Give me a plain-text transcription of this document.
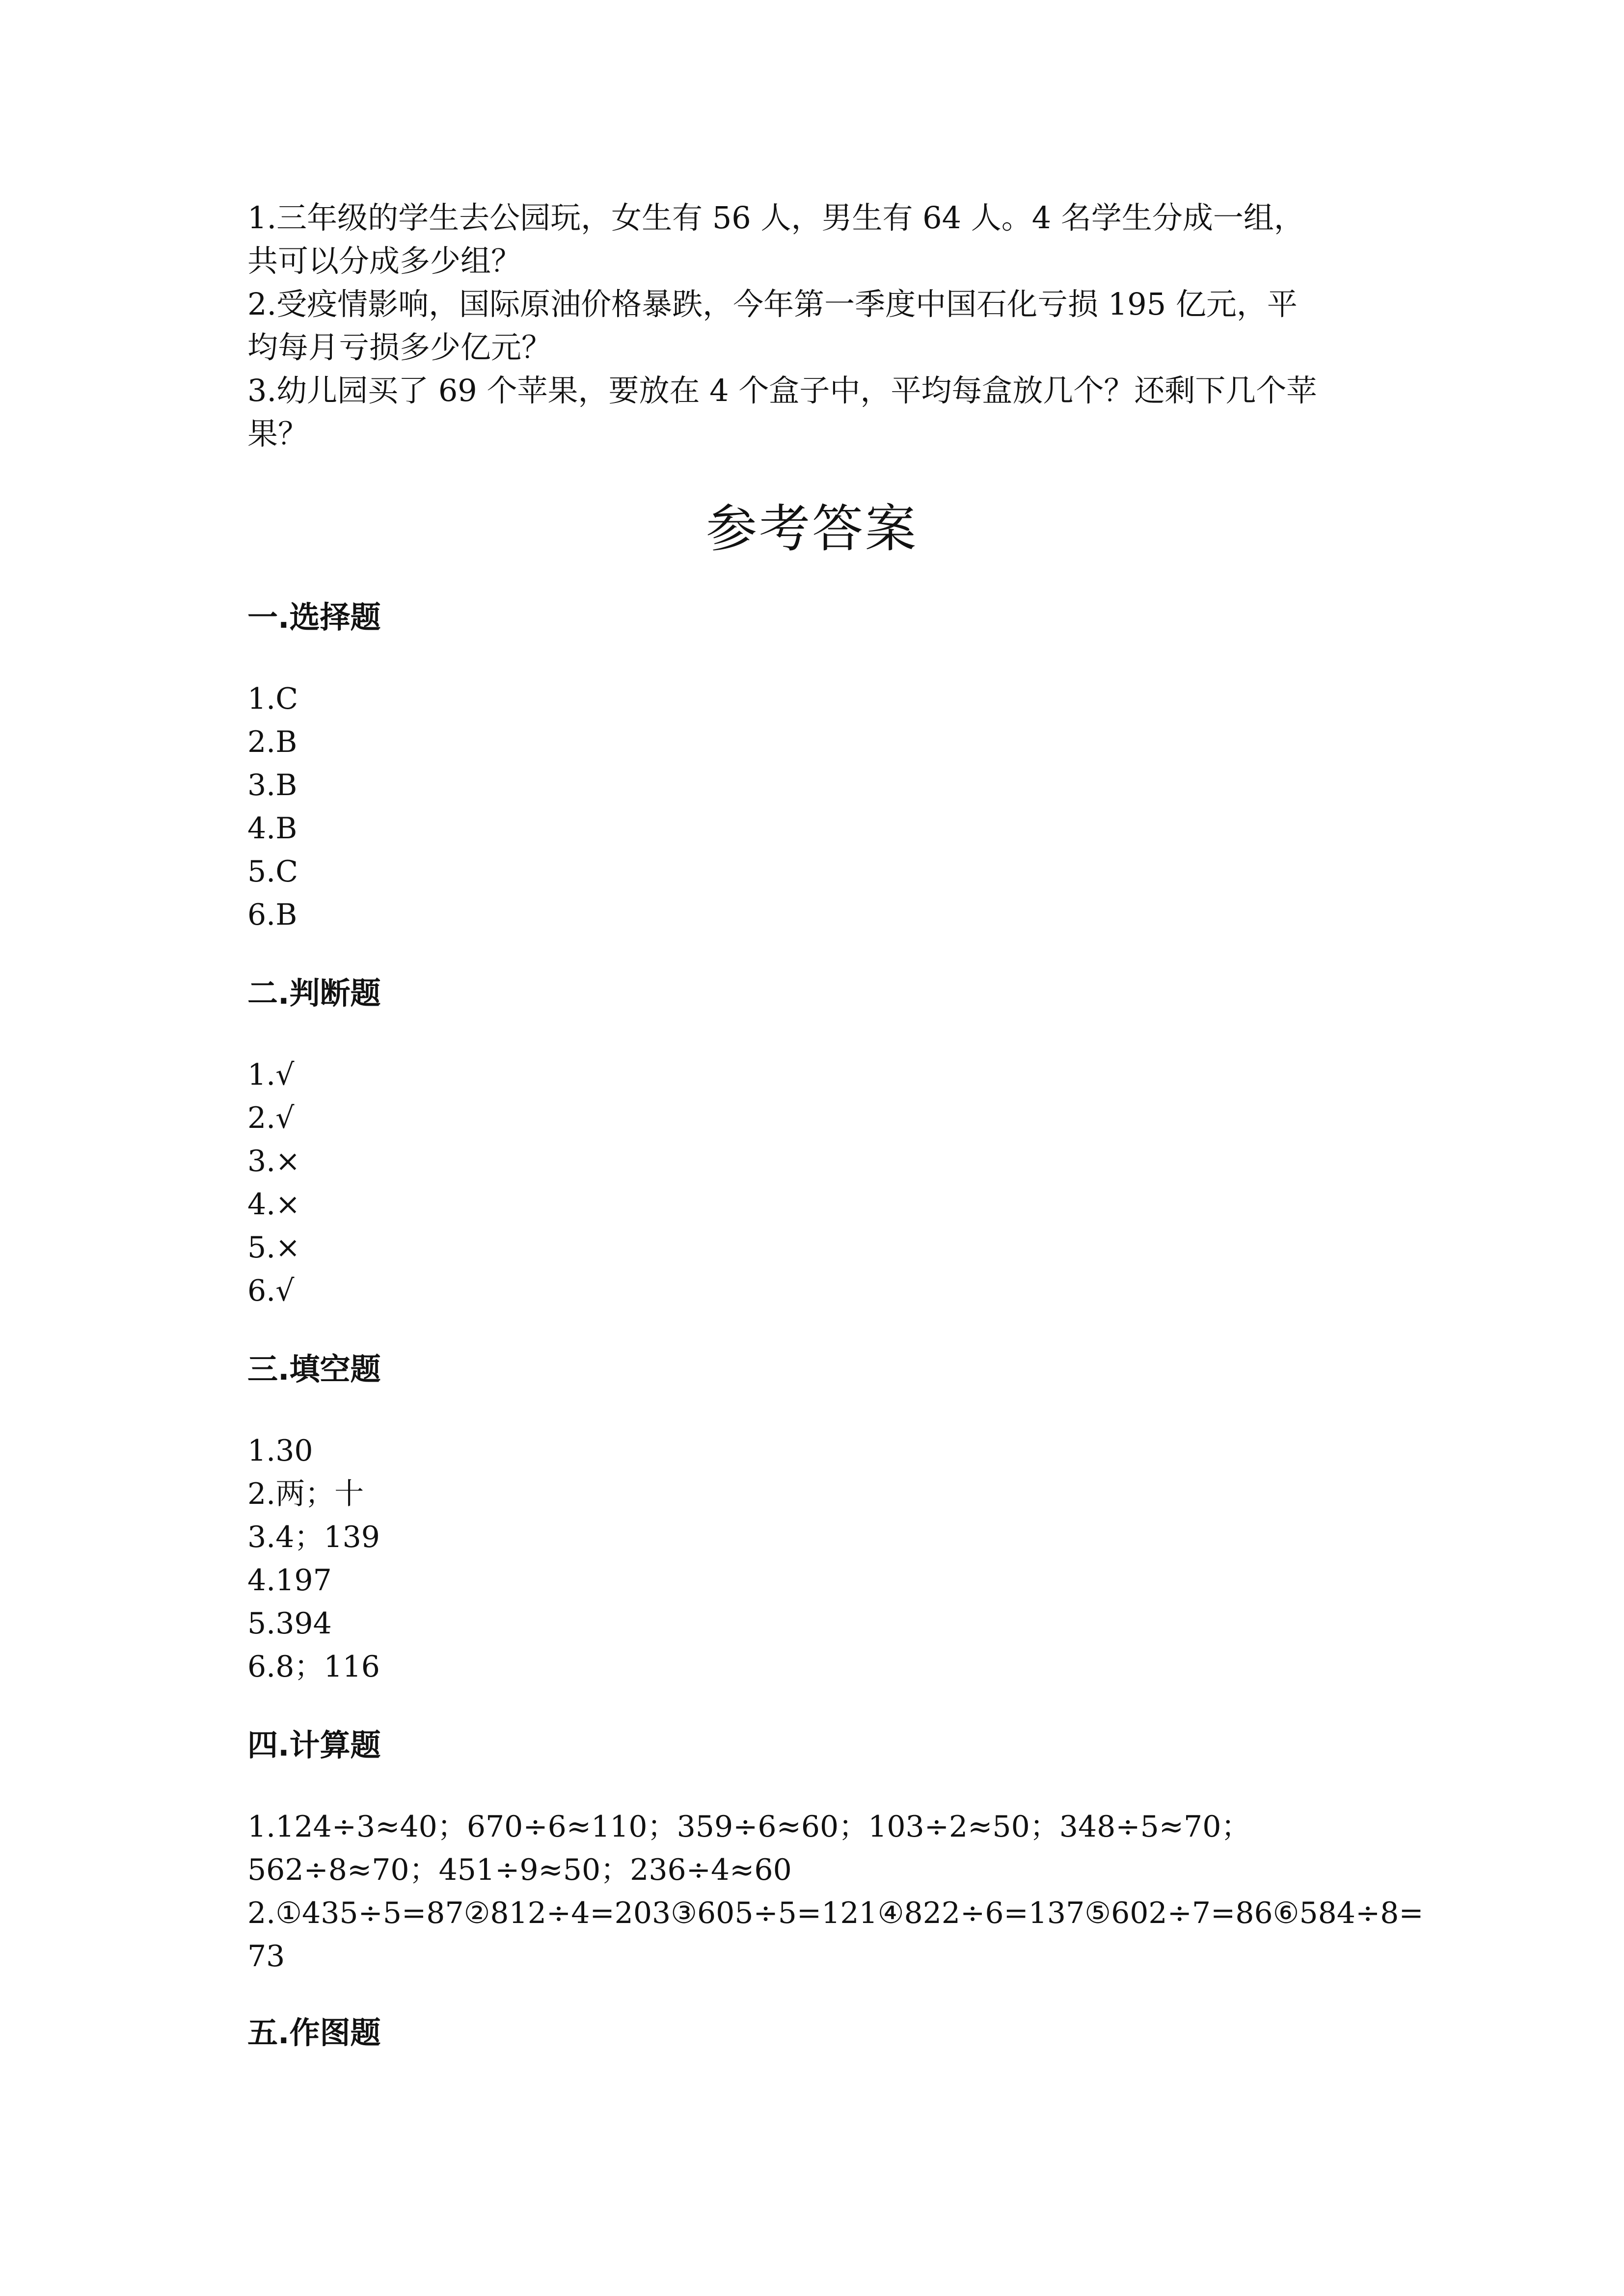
1.三年级的学生去公园玩，女生有 56 人，男生有 64 人。4 名学生分成一组，
共可以分成多少组？
2.受疫情影响，国际原油价格暴跌，今年第一季度中国石化亏损 195 亿元，平
均每月亏损多少亿元？
3.幼儿园买了 69 个苹果，要放在 4 个盒子中，平均每盒放几个？还剩下几个苹
果？
参考答案
一.选择题
1.C
2.B
3.B
4.B
5.C
6.B
二.判断题
1.√
2.√
3.×
4.×
5.×
6.√
三.填空题
1.30
2.两；十
3.4；139
4.197
5.394
6.8；116
四.计算题
1.124÷3≈40；670÷6≈110；359÷6≈60；103÷2≈50；348÷5≈70；
562÷8≈70；451÷9≈50；236÷4≈60
2.①435÷5=87②812÷4=203③605÷5=121④822÷6=137⑤602÷7=86⑥584÷8=
73
五.作图题
